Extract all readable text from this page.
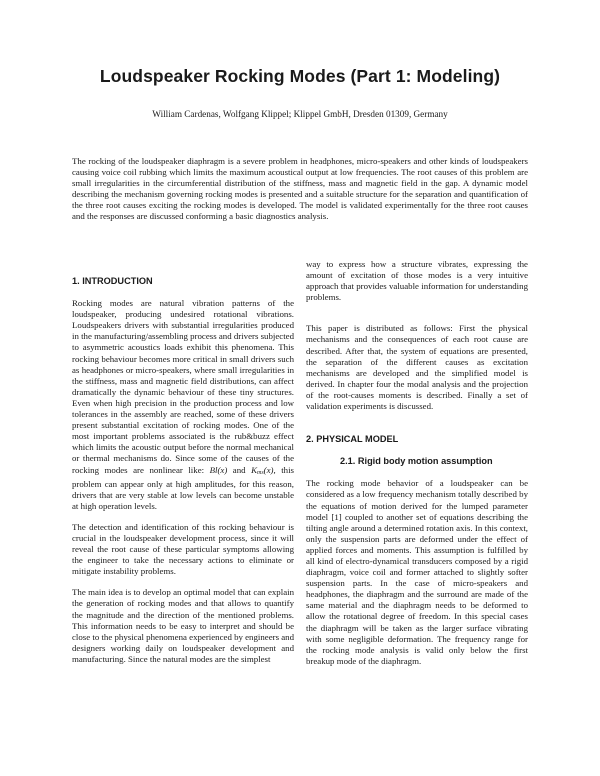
Loudspeaker Rocking Modes (Part 1: Modeling)
William Cardenas, Wolfgang Klippel; Klippel GmbH, Dresden 01309, Germany
The rocking of the loudspeaker diaphragm is a severe problem in headphones, micro-speakers and other kinds of loudspeakers causing voice coil rubbing which limits the maximum acoustical output at low frequencies. The root causes of this problem are small irregularities in the circumferential distribution of the stiffness, mass and magnetic field in the gap. A dynamic model describing the mechanism governing rocking modes is presented and a suitable structure for the separation and quantification of the three root causes exciting the rocking modes is developed. The model is validated experimentally for the three root causes and the responses are discussed conforming a basic diagnostics analysis.
1. INTRODUCTION

Rocking modes are natural vibration patterns of the loudspeaker, producing undesired rotational vibrations. Loudspeakers drivers with substantial irregularities produced in the manufacturing/assembling process and drivers subjected to asymmetric acoustics loads exhibit this phenomena. This rocking behaviour becomes more critical in small drivers such as headphones or micro-speakers, where small irregularities in the stiffness, mass and magnetic field distributions, can affect dramatically the dynamic behaviour of these tiny structures. Even when high precision in the production process and low tolerances in the assembly are reached, some of these drivers present substantial excitation of rocking modes. One of the most important problems associated is the rub&buzz effect which limits the acoustic output before the normal mechanical or thermal mechanisms do. Since some of the causes of the rocking modes are nonlinear like: Bl(x) and Kms(x), this problem can appear only at high amplitudes, for this reason, drivers that are very stable at low levels can become unstable at high operation levels.

The detection and identification of this rocking behaviour is crucial in the loudspeaker development process, since it will reveal the root cause of these particular symptoms allowing the engineer to take the necessary actions to eliminate or mitigate instability problems.

The main idea is to develop an optimal model that can explain the generation of rocking modes and that allows to quantify the magnitude and the direction of the mentioned problems. This information needs to be easy to interpret and should be close to the physical phenomena experienced by engineers and designers working daily on loudspeaker development and manufacturing. Since the natural modes are the simplest

way to express how a structure vibrates, expressing the amount of excitation of those modes is a very intuitive approach that provides valuable information for understanding problems.

This paper is distributed as follows: First the physical mechanisms and the consequences of each root cause are described. After that, the system of equations are presented, the separation of the different causes as excitation mechanisms are developed and the simplified model is derived. In chapter four the modal analysis and the projection of the root-causes moments is described. Finally a set of validation experiments is discussed.

2. PHYSICAL MODEL
2.1. Rigid body motion assumption

The rocking mode behavior of a loudspeaker can be considered as a low frequency mechanism totally described by the equations of motion derived for the lumped parameter model [1] coupled to another set of equations describing the tilting angle around a determined rotation axis. In this context, only the suspension parts are deformed under the effect of applied forces and moments. This assumption is fulfilled by all kind of electro-dynamical transducers composed by a rigid diaphragm, voice coil and former attached to slightly softer suspension parts. In the case of micro-speakers and headphones, the diaphragm and the surround are made of the same material and the diaphragm needs to be deformed to allow the rotational degree of freedom. In this special cases the diaphragm will be taken as the larger surface vibrating with some negligible deformation. The frequency range for the rocking mode analysis is valid only below the first breakup mode of the diaphragm.
